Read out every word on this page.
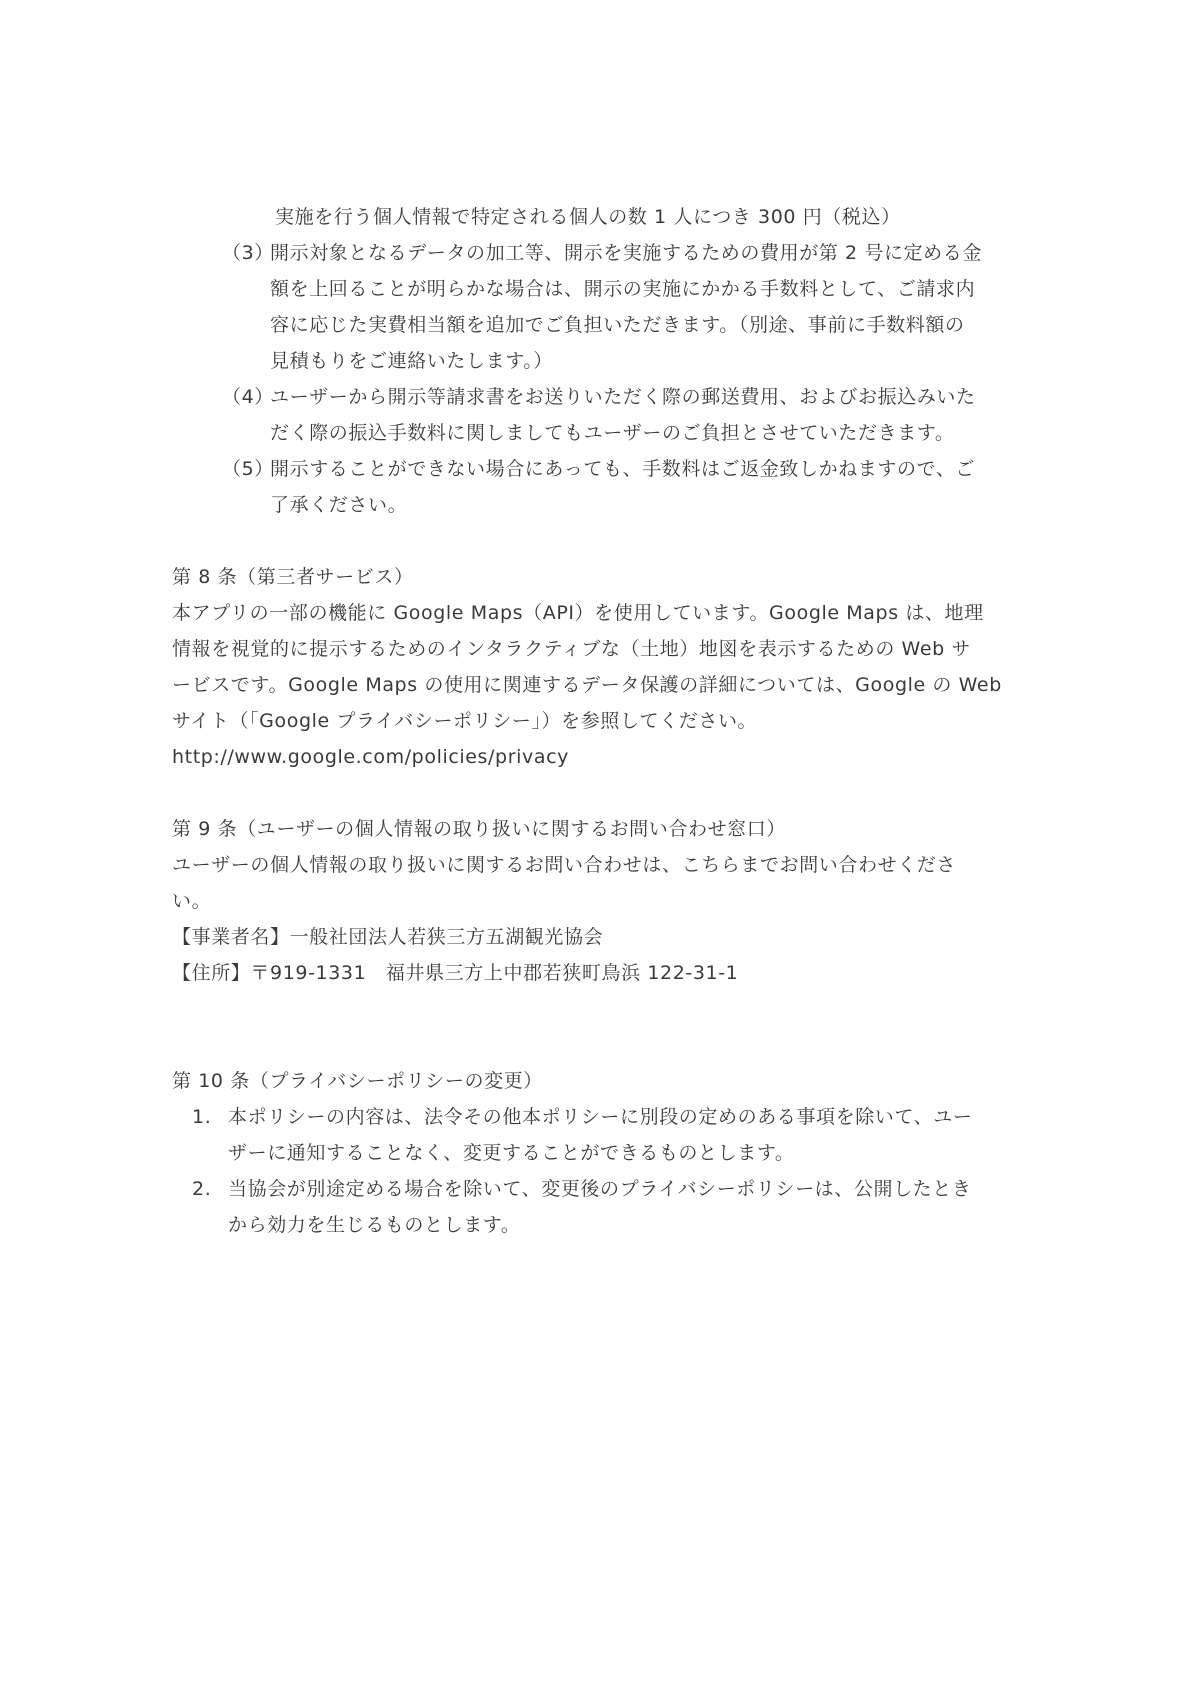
実施を行う個人情報で特定される個人の数 1 人につき 300 円（税込）
（3）
開示対象となるデータの加工等、開示を実施するための費用が第 2 号に定める金
額を上回ることが明らかな場合は、開示の実施にかかる手数料として、ご請求内
容に応じた実費相当額を追加でご負担いただきます。（別途、事前に手数料額の
見積もりをご連絡いたします。）
（4）
ユーザーから開示等請求書をお送りいただく際の郵送費用、およびお振込みいた
だく際の振込手数料に関しましてもユーザーのご負担とさせていただきます。
（5）
開示することができない場合にあっても、手数料はご返金致しかねますので、ご
了承ください。
第 8 条（第三者サービス）
本アプリの一部の機能に Google Maps（API）を使用しています。Google Maps は、地理
情報を視覚的に提示するためのインタラクティブな（土地）地図を表示するための Web サ
ービスです。Google Maps の使用に関連するデータ保護の詳細については、Google の Web
サイト（「Google プライバシーポリシー」）を参照してください。
http://www.google.com/policies/privacy
第 9 条（ユーザーの個人情報の取り扱いに関するお問い合わせ窓口）
ユーザーの個人情報の取り扱いに関するお問い合わせは、こちらまでお問い合わせくださ
い。
【事業者名】一般社団法人若狭三方五湖観光協会
【住所】〒919-1331　福井県三方上中郡若狭町鳥浜 122-31-1
第 10 条（プライバシーポリシーの変更）
1. 本ポリシーの内容は、法令その他本ポリシーに別段の定めのある事項を除いて、ユー
ザーに通知することなく、変更することができるものとします。
2. 当協会が別途定める場合を除いて、変更後のプライバシーポリシーは、公開したとき
から効力を生じるものとします。
